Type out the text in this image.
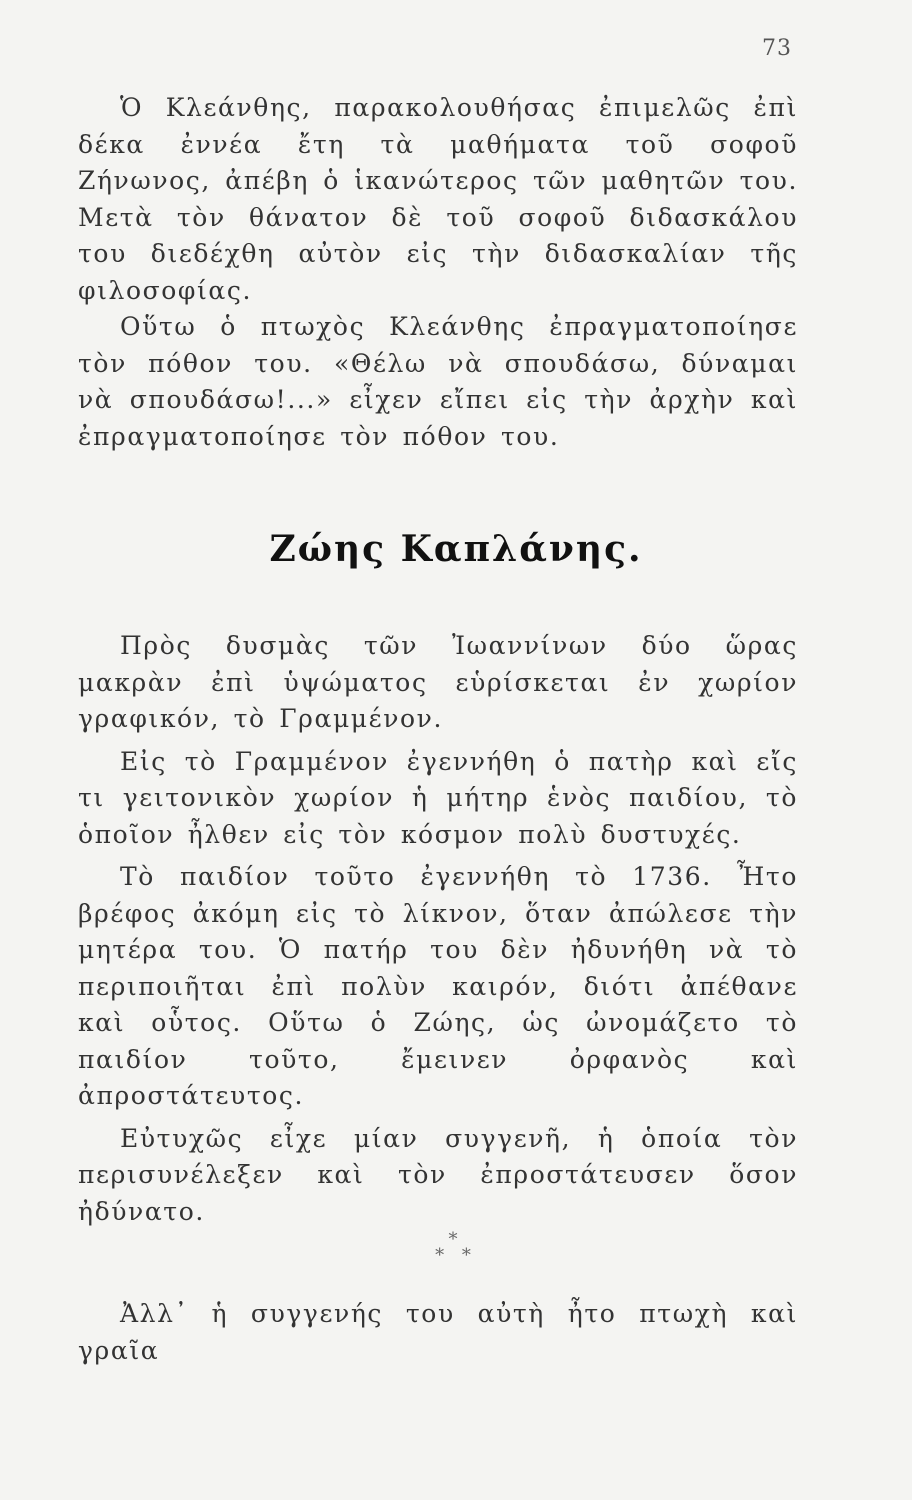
73

Ὁ Κλεάνθης, παρακολουθήσας ἐπιμελῶς ἐπὶ δέκα ἐννέα ἔτη τὰ μαθήματα τοῦ σοφοῦ Ζήνωνος, ἀπέβη ὁ ἱκανώτερος τῶν μαθητῶν του. Μετὰ τὸν θάνατον δὲ τοῦ σοφοῦ διδασκάλου του διεδέχθη αὐτὸν εἰς τὴν διδασκαλίαν τῆς φιλοσοφίας.

Οὕτω ὁ πτωχὸς Κλεάνθης ἐπραγματοποίησε τὸν πόθον του. «Θέλω νὰ σπουδάσω, δύναμαι νὰ σπουδάσω!...» εἶχεν εἴπει εἰς τὴν ἀρχὴν καὶ ἐπραγματοποίησε τὸν πόθον του.

Ζώης Καπλάνης.

Πρὸς δυσμὰς τῶν Ἰωαννίνων δύο ὥρας μακρὰν ἐπὶ ὑψώματος εὑρίσκεται ἐν χωρίον γραφικόν, τὸ Γραμμένον.

Εἰς τὸ Γραμμένον ἐγεννήθη ὁ πατὴρ καὶ εἴς τι γειτονικὸν χωρίον ἡ μήτηρ ἑνὸς παιδίου, τὸ ὁποῖον ἦλθεν εἰς τὸν κόσμον πολὺ δυστυχές.

Τὸ παιδίον τοῦτο ἐγεννήθη τὸ 1736. Ἦτο βρέφος ἀκόμη εἰς τὸ λίκνον, ὅταν ἀπώλεσε τὴν μητέρα του. Ὁ πατήρ του δὲν ἠδυνήθη νὰ τὸ περιποιῆται ἐπὶ πολὺν καιρόν, διότι ἀπέθανε καὶ οὗτος. Οὕτω ὁ Ζώης, ὡς ὠνομάζετο τὸ παιδίον τοῦτο, ἔμεινεν ὀρφανὸς καὶ ἀπροστάτευτος.

Εὐτυχῶς εἶχε μίαν συγγενῆ, ἡ ὁποία τὸν περισυνέλεξεν καὶ τὸν ἐπροστάτευσεν ὅσον ἠδύνατο.

*
* *

Ἀλλ᾽ ἡ συγγενής του αὐτὴ ἦτο πτωχὴ καὶ γραῖα
